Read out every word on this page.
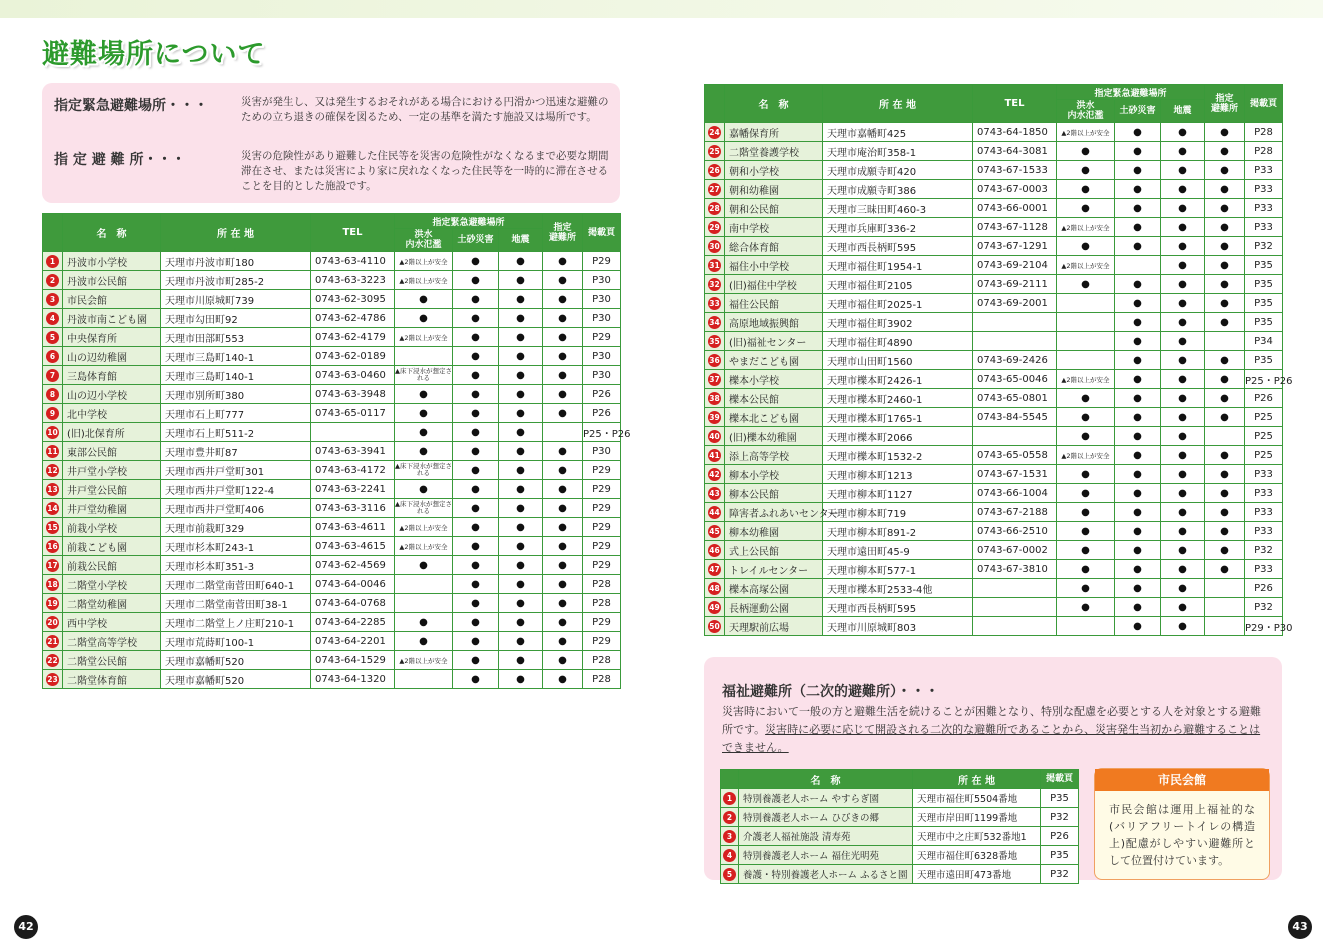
避難場所について
指定緊急避難場所・・・	災害が発生し、又は発生するおそれがある場合における円滑かつ迅速な避難のための立ち退きの確保を図るため、一定の基準を満たす施設又は場所です。
指 定 避 難 所・・・	災害の危険性があり避難した住民等を災害の危険性がなくなるまで必要な期間滞在させ、または災害により家に戻れなくなった住民等を一時的に滞在させることを目的とした施設です。
	名　称	所 在 地	TEL	指定緊急避難場所			指定
避難所	掲載頁
				洪水
内水氾濫	土砂災害	地震		
1	丹波市小学校	天理市丹波市町180	0743-63-4110	▲2階以上が安全	●	●	●	P29
2	丹波市公民館	天理市丹波市町285-2	0743-63-3223	▲2階以上が安全	●	●	●	P30
3	市民会館	天理市川原城町739	0743-62-3095	●	●	●	●	P30
4	丹波市南こども園	天理市勾田町92	0743-62-4786	●	●	●	●	P30
5	中央保育所	天理市田部町553	0743-62-4179	▲2階以上が安全	●	●	●	P29
6	山の辺幼稚園	天理市三島町140-1	0743-62-0189		●	●	●	P30
7	三島体育館	天理市三島町140-1	0743-63-0460	▲床下浸水が想定される	●	●	●	P30
8	山の辺小学校	天理市別所町380	0743-63-3948	●	●	●	●	P26
9	北中学校	天理市石上町777	0743-65-0117	●	●	●	●	P26
10	(旧)北保育所	天理市石上町511-2		●	●	●		P25・P26
11	東部公民館	天理市豊井町87	0743-63-3941	●	●	●	●	P30
12	井戸堂小学校	天理市西井戸堂町301	0743-63-4172	▲床下浸水が想定される	●	●	●	P29
13	井戸堂公民館	天理市西井戸堂町122-4	0743-63-2241	●	●	●	●	P29
14	井戸堂幼稚園	天理市西井戸堂町406	0743-63-3116	▲床下浸水が想定される	●	●	●	P29
15	前栽小学校	天理市前栽町329	0743-63-4611	▲2階以上が安全	●	●	●	P29
16	前栽こども園	天理市杉本町243-1	0743-63-4615	▲2階以上が安全	●	●	●	P29
17	前栽公民館	天理市杉本町351-3	0743-62-4569	●	●	●	●	P29
18	二階堂小学校	天理市二階堂南菅田町640-1	0743-64-0046		●	●	●	P28
19	二階堂幼稚園	天理市二階堂南菅田町38-1	0743-64-0768		●	●	●	P28
20	西中学校	天理市二階堂上ノ庄町210-1	0743-64-2285	●	●	●	●	P29
21	二階堂高等学校	天理市荒蒔町100-1	0743-64-2201	●	●	●	●	P29
22	二階堂公民館	天理市嘉幡町520	0743-64-1529	▲2階以上が安全	●	●	●	P28
23	二階堂体育館	天理市嘉幡町520	0743-64-1320		●	●	●	P28
	名　称	所 在 地	TEL	指定緊急避難場所			指定
避難所	掲載頁
				洪水
内水氾濫	土砂災害	地震		
24	嘉幡保育所	天理市嘉幡町425	0743-64-1850	▲2階以上が安全	●	●	●	P28
25	二階堂養護学校	天理市庵治町358-1	0743-64-3081	●	●	●	●	P28
26	朝和小学校	天理市成願寺町420	0743-67-1533	●	●	●	●	P33
27	朝和幼稚園	天理市成願寺町386	0743-67-0003	●	●	●	●	P33
28	朝和公民館	天理市三昧田町460-3	0743-66-0001	●	●	●	●	P33
29	南中学校	天理市兵庫町336-2	0743-67-1128	▲2階以上が安全	●	●	●	P33
30	総合体育館	天理市西長柄町595	0743-67-1291	●	●	●	●	P32
31	福住小中学校	天理市福住町1954-1	0743-69-2104	▲2階以上が安全		●	●	P35
32	(旧)福住中学校	天理市福住町2105	0743-69-2111	●	●	●	●	P35
33	福住公民館	天理市福住町2025-1	0743-69-2001		●	●	●	P35
34	高原地域振興館	天理市福住町3902			●	●	●	P35
35	(旧)福祉センター	天理市福住町4890			●	●		P34
36	やまだこども園	天理市山田町1560	0743-69-2426		●	●	●	P35
37	櫟本小学校	天理市櫟本町2426-1	0743-65-0046	▲2階以上が安全	●	●	●	P25・P26
38	櫟本公民館	天理市櫟本町2460-1	0743-65-0801	●	●	●	●	P26
39	櫟本北こども園	天理市櫟本町1765-1	0743-84-5545	●	●	●	●	P25
40	(旧)櫟本幼稚園	天理市櫟本町2066		●	●	●		P25
41	添上高等学校	天理市櫟本町1532-2	0743-65-0558	▲2階以上が安全	●	●	●	P25
42	柳本小学校	天理市柳本町1213	0743-67-1531	●	●	●	●	P33
43	柳本公民館	天理市柳本町1127	0743-66-1004	●	●	●	●	P33
44	障害者ふれあいセンター	天理市柳本町719	0743-67-2188	●	●	●	●	P33
45	柳本幼稚園	天理市柳本町891-2	0743-66-2510	●	●	●	●	P33
46	式上公民館	天理市遠田町45-9	0743-67-0002	●	●	●	●	P32
47	トレイルセンター	天理市柳本町577-1	0743-67-3810	●	●	●	●	P33
48	櫟本高塚公園	天理市櫟本町2533-4他		●	●	●		P26
49	長柄運動公園	天理市西長柄町595		●	●	●		P32
50	天理駅前広場	天理市川原城町803			●	●		P29・P30
福祉避難所（二次的避難所）・・・
災害時において一般の方と避難生活を続けることが困難となり、特別な配慮を必要とする人を対象とする避難所です。災害時に必要に応じて開設される二次的な避難所であることから、災害発生当初から避難することはできません。
	名　称	所 在 地	掲載頁
1	特別養護老人ホーム やすらぎ園	天理市福住町5504番地	P35
2	特別養護老人ホーム ひびきの郷	天理市岸田町1199番地	P32
3	介護老人福祉施設 清寿苑	天理市中之庄町532番地1	P26
4	特別養護老人ホーム 福住光明苑	天理市福住町6328番地	P35
5	養護・特別養護老人ホーム ふるさと園	天理市遠田町473番地	P32
市民会館
市民会館は運用上福祉的な(バリアフリートイレの構造上)配慮がしやすい避難所として位置付けています。
42	43
